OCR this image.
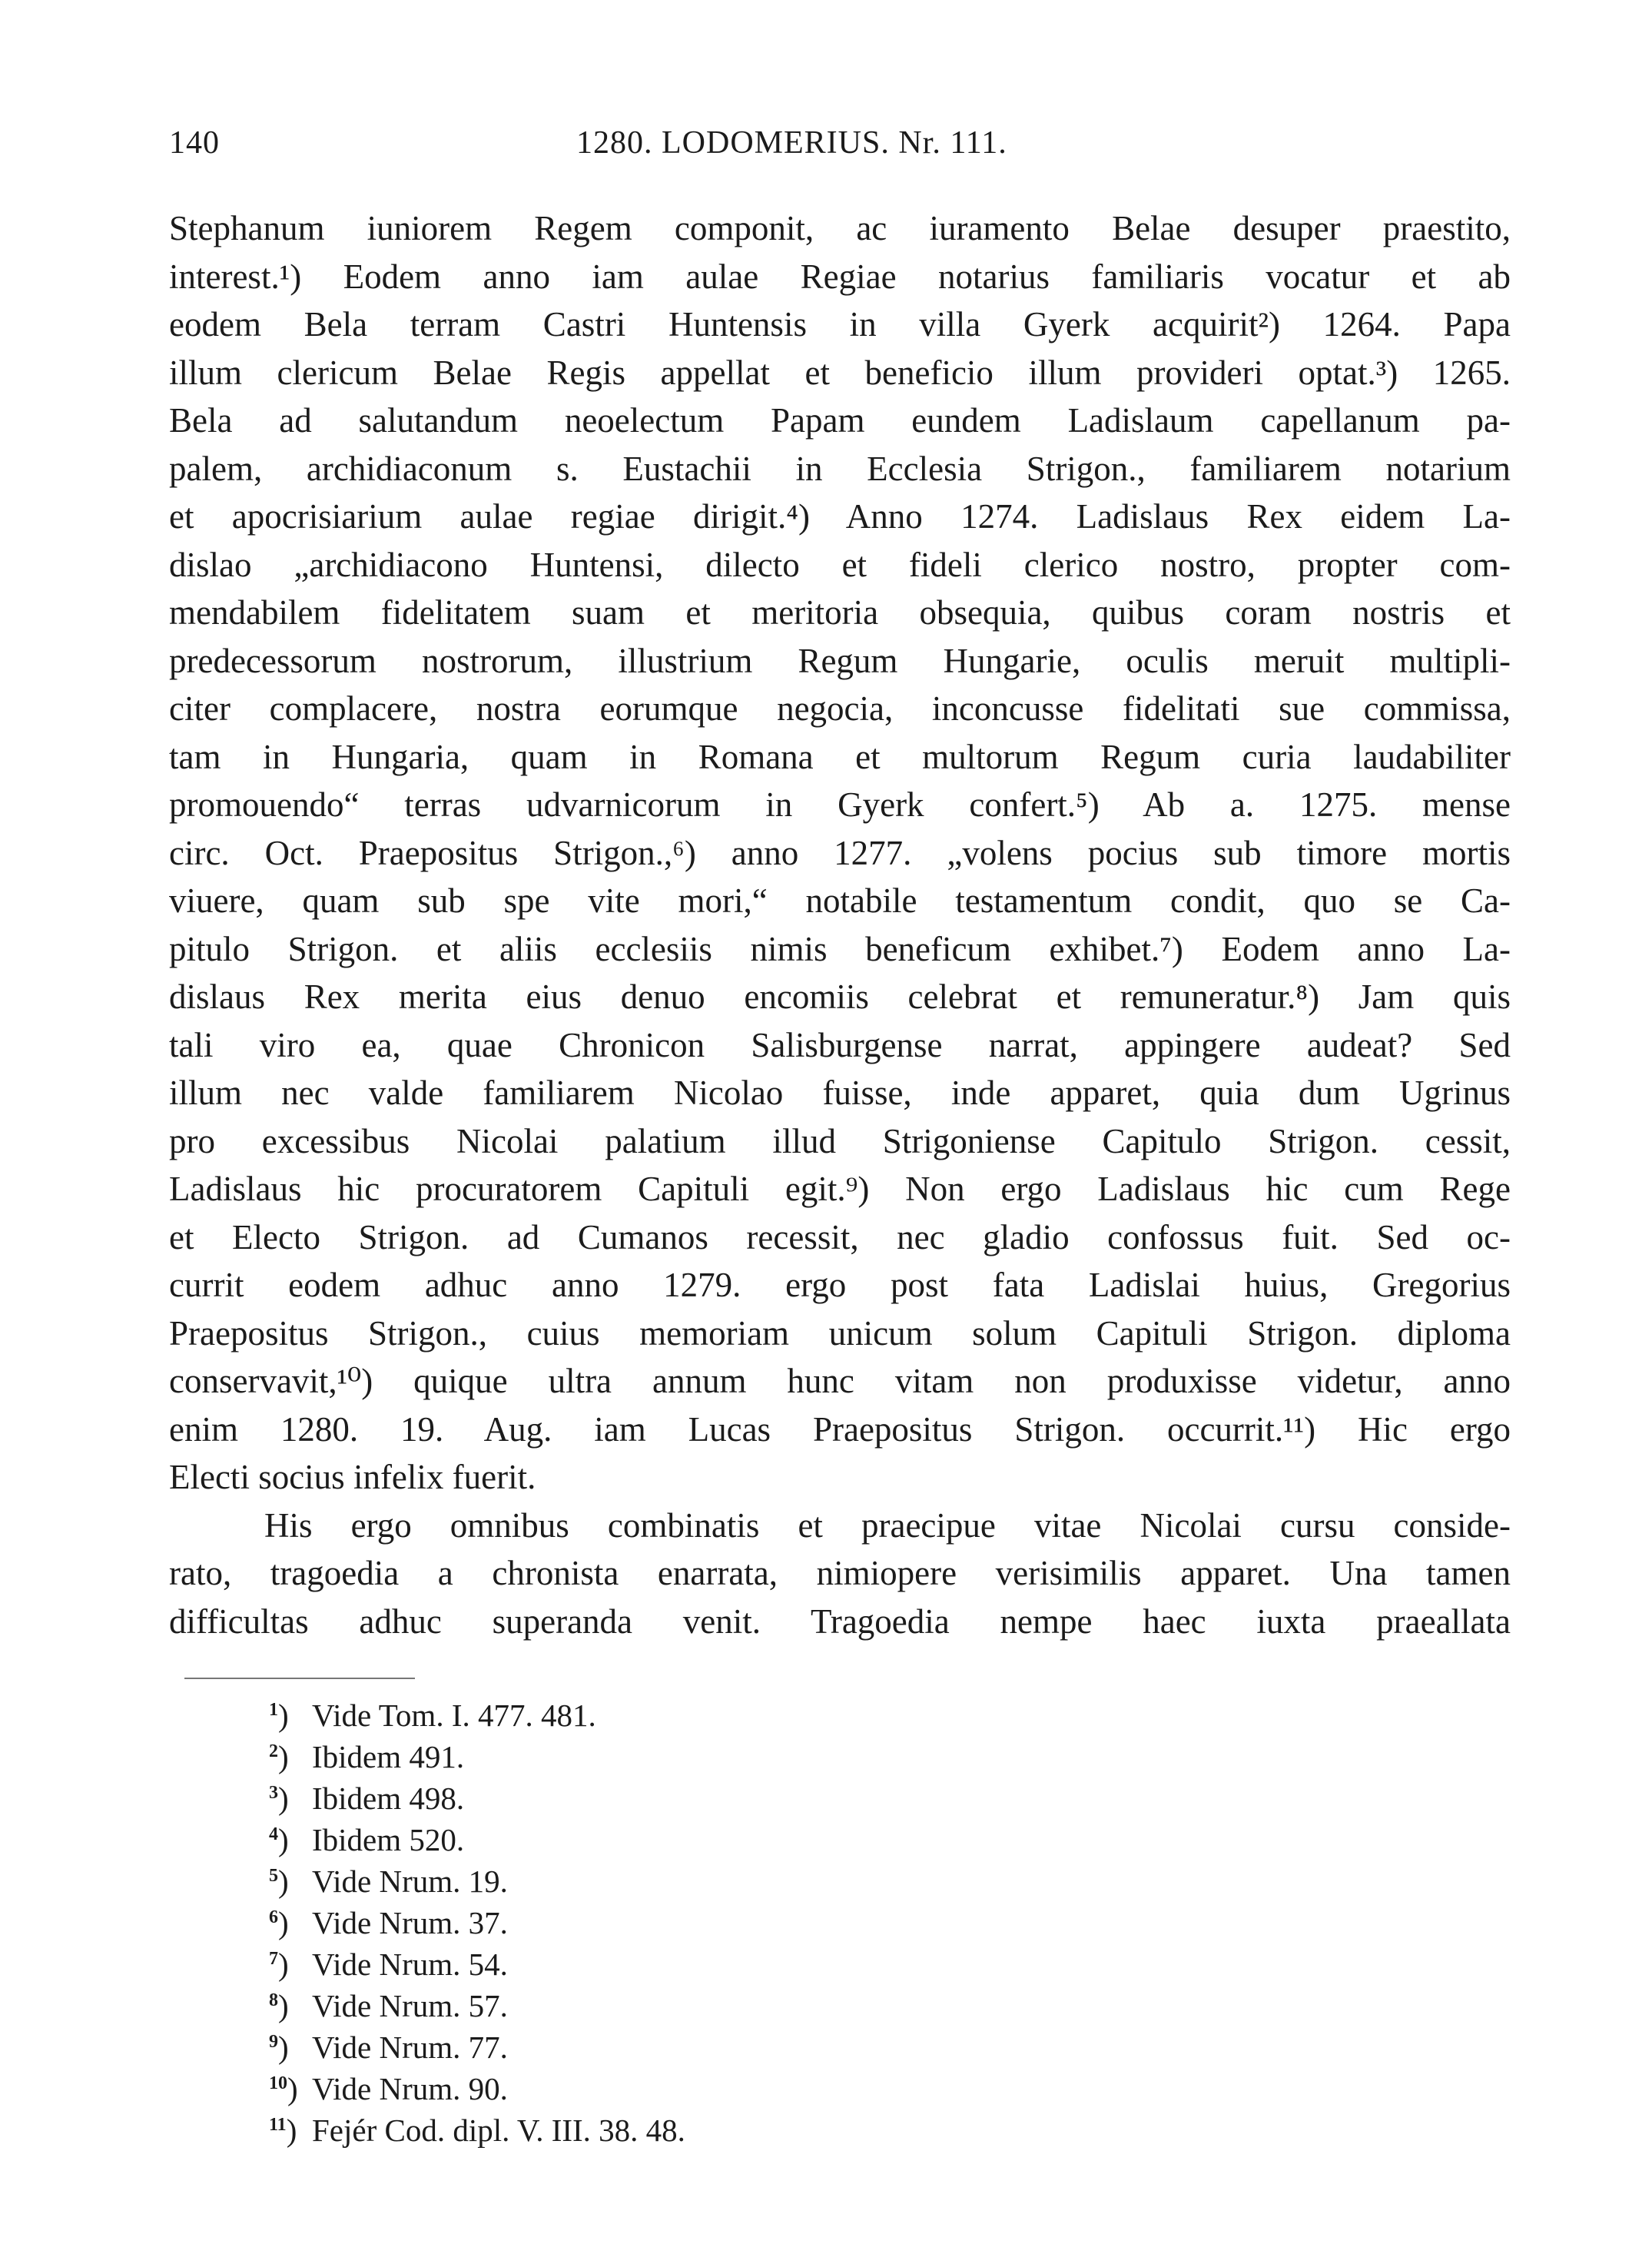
140	1280. LODOMERIUS. Nr. 111.
Stephanum iuniorem Regem componit, ac iuramento Belae desuper praestito,
interest.¹) Eodem anno iam aulae Regiae notarius familiaris vocatur et ab
eodem Bela terram Castri Huntensis in villa Gyerk acquirit²) 1264. Papa
illum clericum Belae Regis appellat et beneficio illum provideri optat.³) 1265.
Bela ad salutandum neoelectum Papam eundem Ladislaum capellanum pa-
palem, archidiaconum s. Eustachii in Ecclesia Strigon., familiarem notarium
et apocrisiarium aulae regiae dirigit.⁴) Anno 1274. Ladislaus Rex eidem La-
dislao „archidiacono Huntensi, dilecto et fideli clerico nostro, propter com-
mendabilem fidelitatem suam et meritoria obsequia, quibus coram nostris et
predecessorum nostrorum, illustrium Regum Hungarie, oculis meruit multipli-
citer complacere, nostra eorumque negocia, inconcusse fidelitati sue commissa,
tam in Hungaria, quam in Romana et multorum Regum curia laudabiliter
promouendo“ terras udvarnicorum in Gyerk confert.⁵) Ab a. 1275. mense
circ. Oct. Praepositus Strigon.,⁶) anno 1277. „volens pocius sub timore mortis
viuere, quam sub spe vite mori,“ notabile testamentum condit, quo se Ca-
pitulo Strigon. et aliis ecclesiis nimis beneficum exhibet.⁷) Eodem anno La-
dislaus Rex merita eius denuo encomiis celebrat et remuneratur.⁸) Jam quis
tali viro ea, quae Chronicon Salisburgense narrat, appingere audeat? Sed
illum nec valde familiarem Nicolao fuisse, inde apparet, quia dum Ugrinus
pro excessibus Nicolai palatium illud Strigoniense Capitulo Strigon. cessit,
Ladislaus hic procuratorem Capituli egit.⁹) Non ergo Ladislaus hic cum Rege
et Electo Strigon. ad Cumanos recessit, nec gladio confossus fuit. Sed oc-
currit eodem adhuc anno 1279. ergo post fata Ladislai huius, Gregorius
Praepositus Strigon., cuius memoriam unicum solum Capituli Strigon. diploma
conservavit,¹⁰) quique ultra annum hunc vitam non produxisse videtur, anno
enim 1280. 19. Aug. iam Lucas Praepositus Strigon. occurrit.¹¹) Hic ergo
Electi socius infelix fuerit.
His ergo omnibus combinatis et praecipue vitae Nicolai cursu conside-
rato, tragoedia a chronista enarrata, nimiopere verisimilis apparet. Una tamen
difficultas adhuc superanda venit. Tragoedia nempe haec iuxta praeallata
$^1$) Vide Tom. I. 477. 481.
$^2$) Ibidem 491.
$^3$) Ibidem 498.
$^4$) Ibidem 520.
$^5$) Vide Nrum. 19.
$^6$) Vide Nrum. 37.
$^7$) Vide Nrum. 54.
$^8$) Vide Nrum. 57.
$^9$) Vide Nrum. 77.
$^{10}$) Vide Nrum. 90.
$^{11}$) Fejér Cod. dipl. V. III. 38. 48.
